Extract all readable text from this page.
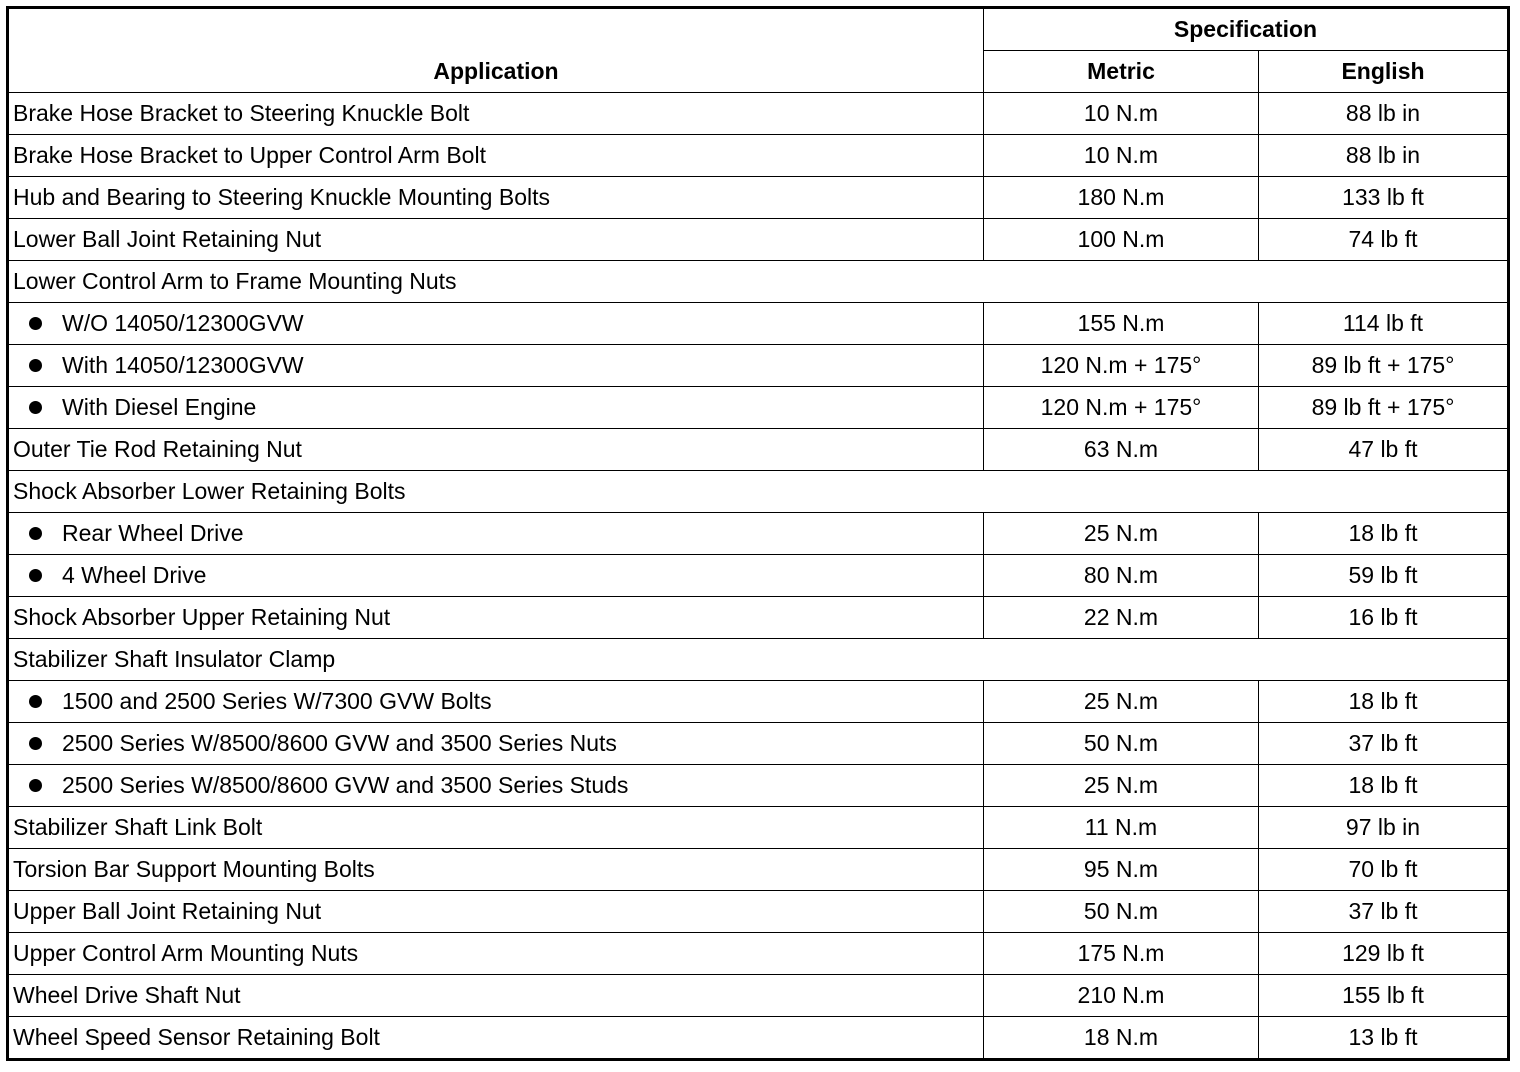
Application	Specification	
	Metric	English
Brake Hose Bracket to Steering Knuckle Bolt	10 N.m	88 lb in
Brake Hose Bracket to Upper Control Arm Bolt	10 N.m	88 lb in
Hub and Bearing to Steering Knuckle Mounting Bolts	180 N.m	133 lb ft
Lower Ball Joint Retaining Nut	100 N.m	74 lb ft
Lower Control Arm to Frame Mounting Nuts		
W/O 14050/12300GVW	155 N.m	114 lb ft
With 14050/12300GVW	120 N.m + 175°	89 lb ft + 175°
With Diesel Engine	120 N.m + 175°	89 lb ft + 175°
Outer Tie Rod Retaining Nut	63 N.m	47 lb ft
Shock Absorber Lower Retaining Bolts		
Rear Wheel Drive	25 N.m	18 lb ft
4 Wheel Drive	80 N.m	59 lb ft
Shock Absorber Upper Retaining Nut	22 N.m	16 lb ft
Stabilizer Shaft Insulator Clamp		
1500 and 2500 Series W/7300 GVW Bolts	25 N.m	18 lb ft
2500 Series W/8500/8600 GVW and 3500 Series Nuts	50 N.m	37 lb ft
2500 Series W/8500/8600 GVW and 3500 Series Studs	25 N.m	18 lb ft
Stabilizer Shaft Link Bolt	11 N.m	97 lb in
Torsion Bar Support Mounting Bolts	95 N.m	70 lb ft
Upper Ball Joint Retaining Nut	50 N.m	37 lb ft
Upper Control Arm Mounting Nuts	175 N.m	129 lb ft
Wheel Drive Shaft Nut	210 N.m	155 lb ft
Wheel Speed Sensor Retaining Bolt	18 N.m	13 lb ft
